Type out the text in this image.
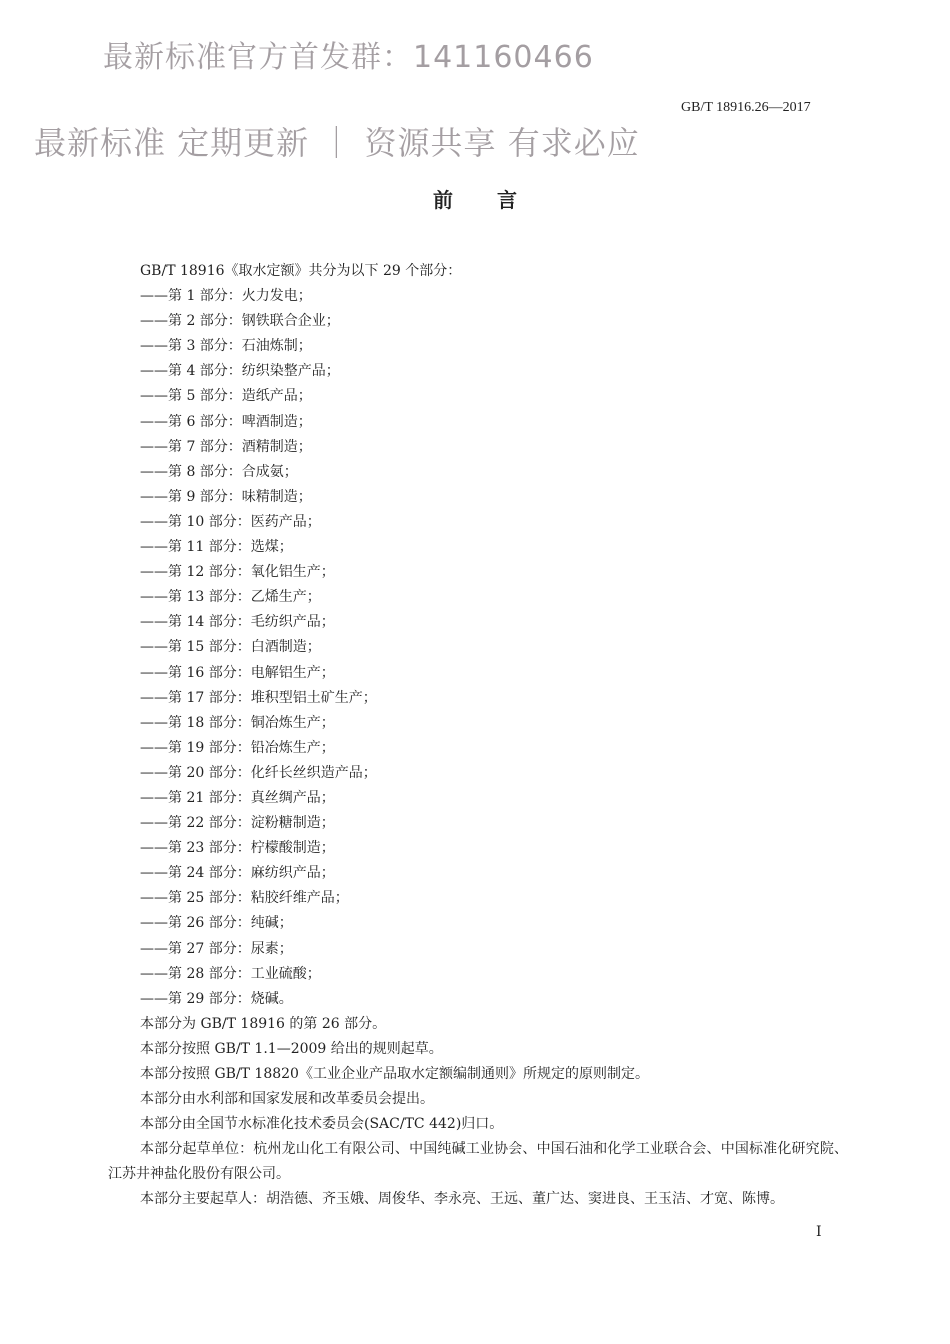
最新标准官方首发群：141160466
最新标准 定期更新 ｜ 资源共享 有求必应
GB/T 18916.26—2017
前言
GB/T 18916《取水定额》共分为以下 29 个部分：
——第 1 部分：火力发电；
——第 2 部分：钢铁联合企业；
——第 3 部分：石油炼制；
——第 4 部分：纺织染整产品；
——第 5 部分：造纸产品；
——第 6 部分：啤酒制造；
——第 7 部分：酒精制造；
——第 8 部分：合成氨；
——第 9 部分：味精制造；
——第 10 部分：医药产品；
——第 11 部分：选煤；
——第 12 部分：氧化铝生产；
——第 13 部分：乙烯生产；
——第 14 部分：毛纺织产品；
——第 15 部分：白酒制造；
——第 16 部分：电解铝生产；
——第 17 部分：堆积型铝土矿生产；
——第 18 部分：铜冶炼生产；
——第 19 部分：铅冶炼生产；
——第 20 部分：化纤长丝织造产品；
——第 21 部分：真丝绸产品；
——第 22 部分：淀粉糖制造；
——第 23 部分：柠檬酸制造；
——第 24 部分：麻纺织产品；
——第 25 部分：粘胶纤维产品；
——第 26 部分：纯碱；
——第 27 部分：尿素；
——第 28 部分：工业硫酸；
——第 29 部分：烧碱。
本部分为 GB/T 18916 的第 26 部分。
本部分按照 GB/T 1.1—2009 给出的规则起草。
本部分按照 GB/T 18820《工业企业产品取水定额编制通则》所规定的原则制定。
本部分由水利部和国家发展和改革委员会提出。
本部分由全国节水标准化技术委员会(SAC/TC 442)归口。
本部分起草单位：杭州龙山化工有限公司、中国纯碱工业协会、中国石油和化学工业联合会、中国标准化研究院、江苏井神盐化股份有限公司。
本部分主要起草人：胡浩德、齐玉娥、周俊华、李永亮、王远、董广达、窦进良、王玉洁、才宽、陈博。
I
